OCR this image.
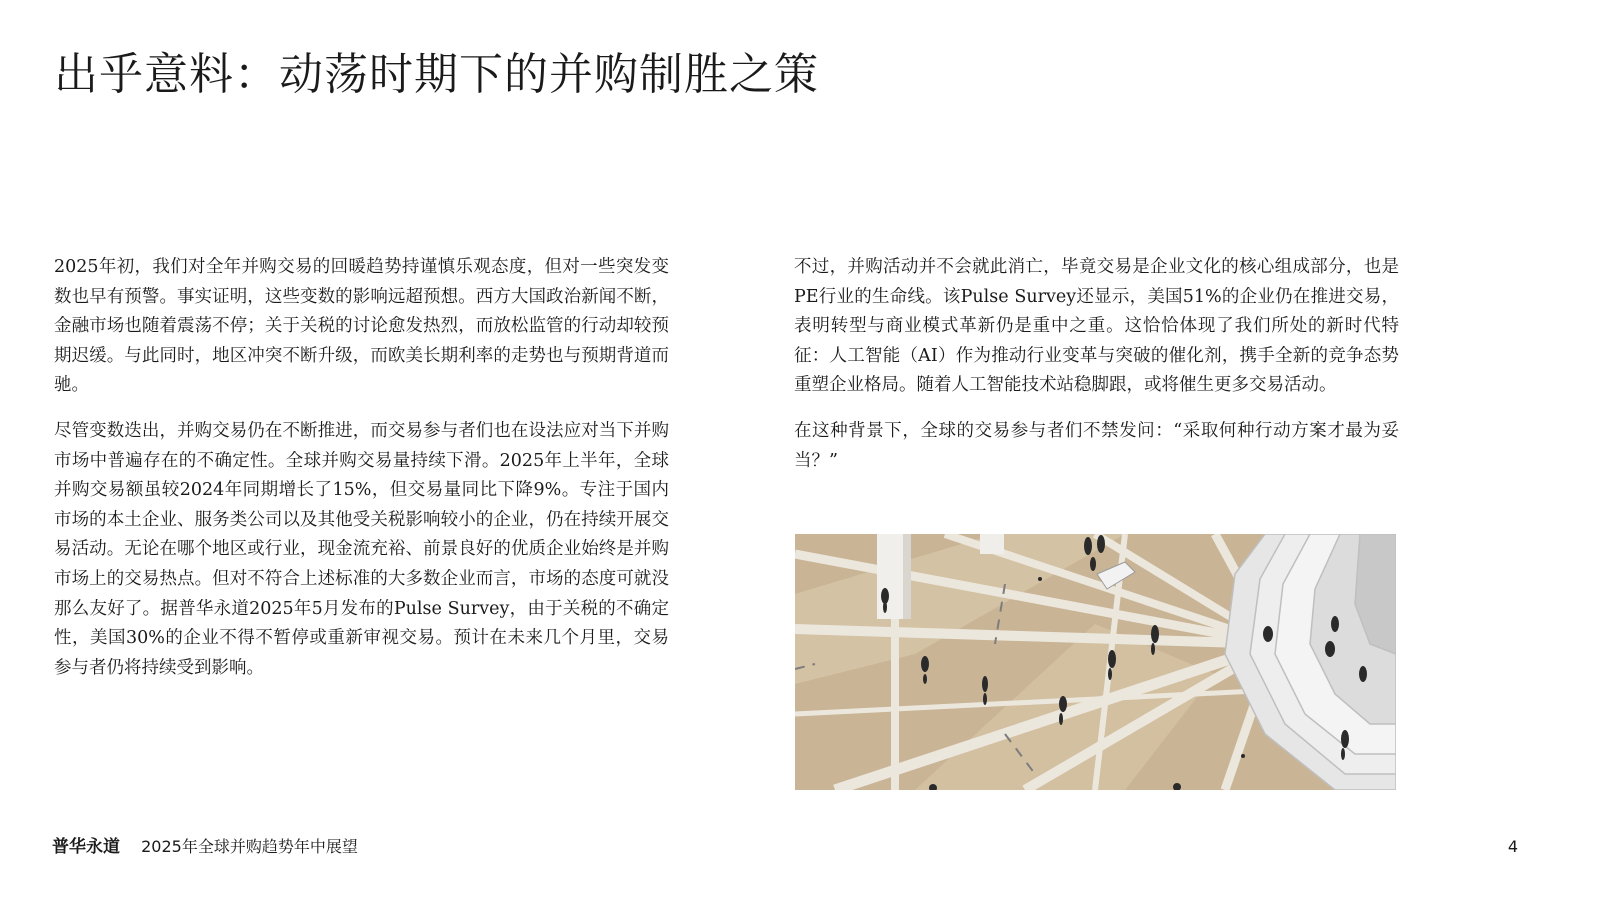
出乎意料：动荡时期下的并购制胜之策

2025年初，我们对全年并购交易的回暖趋势持谨慎乐观态度，但对一些突发变数也早有预警。事实证明，这些变数的影响远超预想。西方大国政治新闻不断，金融市场也随着震荡不停；关于关税的讨论愈发热烈，而放松监管的行动却较预期迟缓。与此同时，地区冲突不断升级，而欧美长期利率的走势也与预期背道而驰。

尽管变数迭出，并购交易仍在不断推进，而交易参与者们也在设法应对当下并购市场中普遍存在的不确定性。全球并购交易量持续下滑。2025年上半年，全球并购交易额虽较2024年同期增长了15%，但交易量同比下降9%。专注于国内市场的本土企业、服务类公司以及其他受关税影响较小的企业，仍在持续开展交易活动。无论在哪个地区或行业，现金流充裕、前景良好的优质企业始终是并购市场上的交易热点。但对不符合上述标准的大多数企业而言，市场的态度可就没那么友好了。据普华永道2025年5月发布的Pulse Survey，由于关税的不确定性，美国30%的企业不得不暂停或重新审视交易。预计在未来几个月里，交易参与者仍将持续受到影响。

不过，并购活动并不会就此消亡，毕竟交易是企业文化的核心组成部分，也是PE行业的生命线。该Pulse Survey还显示，美国51%的企业仍在推进交易，表明转型与商业模式革新仍是重中之重。这恰恰体现了我们所处的新时代特征：人工智能（AI）作为推动行业变革与突破的催化剂，携手全新的竞争态势重塑企业格局。随着人工智能技术站稳脚跟，或将催生更多交易活动。

在这种背景下，全球的交易参与者们不禁发问：“采取何种行动方案才最为妥当？”

普华永道 2025年全球并购趋势年中展望	4
